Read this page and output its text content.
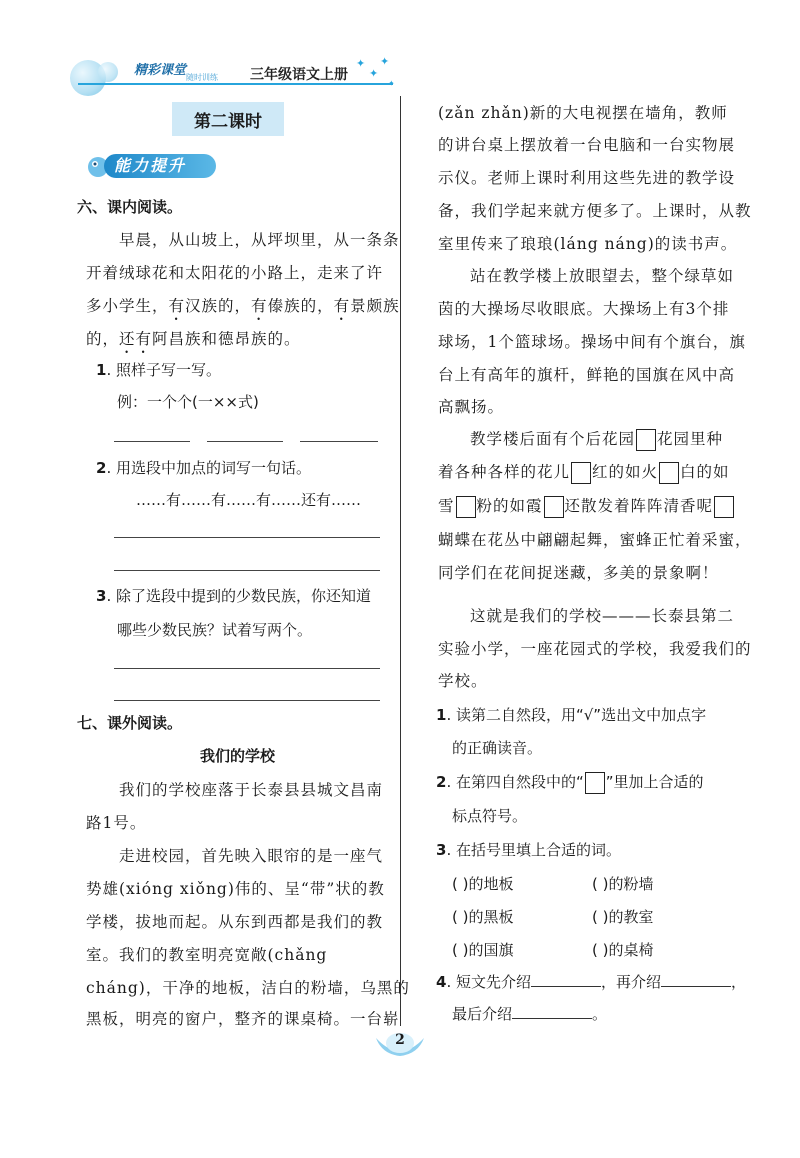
精彩课堂 随时训练 三年级语文上册
✦
✦
✦
✦
第二课时
能力提升
六、课内阅读。
早晨，从山坡上，从坪坝里，从一条条
开着绒球花和太阳花的小路上，走来了许
多小学生，有汉族的，有傣族的，有景颇族
的，还有阿昌族和德昂族的。
1. 照样子写一写。
例：一个个(一××式)
2. 用选段中加点的词写一句话。
……有……有……有……还有……
3. 除了选段中提到的少数民族，你还知道
哪些少数民族？试着写两个。
七、课外阅读。
我们的学校
我们的学校座落于长泰县县城文昌南
路1号。
走进校园，首先映入眼帘的是一座气
势雄(xióng xiǒng)伟的、呈“带”状的教
学楼，拔地而起。从东到西都是我们的教
室。我们的教室明亮宽敞(chǎng
cháng)，干净的地板，洁白的粉墙，乌黑的
黑板，明亮的窗户，整齐的课桌椅。一台崭
(zǎn zhǎn)新的大电视摆在墙角，教师
的讲台桌上摆放着一台电脑和一台实物展
示仪。老师上课时利用这些先进的教学设
备，我们学起来就方便多了。上课时，从教
室里传来了琅琅(láng náng)的读书声。
站在教学楼上放眼望去，整个绿草如
茵的大操场尽收眼底。大操场上有3个排
球场，1个篮球场。操场中间有个旗台，旗
台上有高年的旗杆，鲜艳的国旗在风中高
高飘扬。
教学楼后面有个后花园 花园里种
着各种各样的花儿 红的如火 白的如
雪 粉的如霞 还散发着阵阵清香呢
蝴蝶在花丛中翩翩起舞，蜜蜂正忙着采蜜，
同学们在花间捉迷藏，多美的景象啊！
这就是我们的学校———长泰县第二
实验小学，一座花园式的学校，我爱我们的
学校。
1. 读第二自然段，用“√”选出文中加点字
的正确读音。
2. 在第四自然段中的“ ”里加上合适的
标点符号。
3. 在括号里填上合适的词。
( )的地板	( )的粉墙
( )的黑板	( )的教室
( )的国旗	( )的桌椅
4. 短文先介绍	，再介绍	，
最后介绍	。
2
